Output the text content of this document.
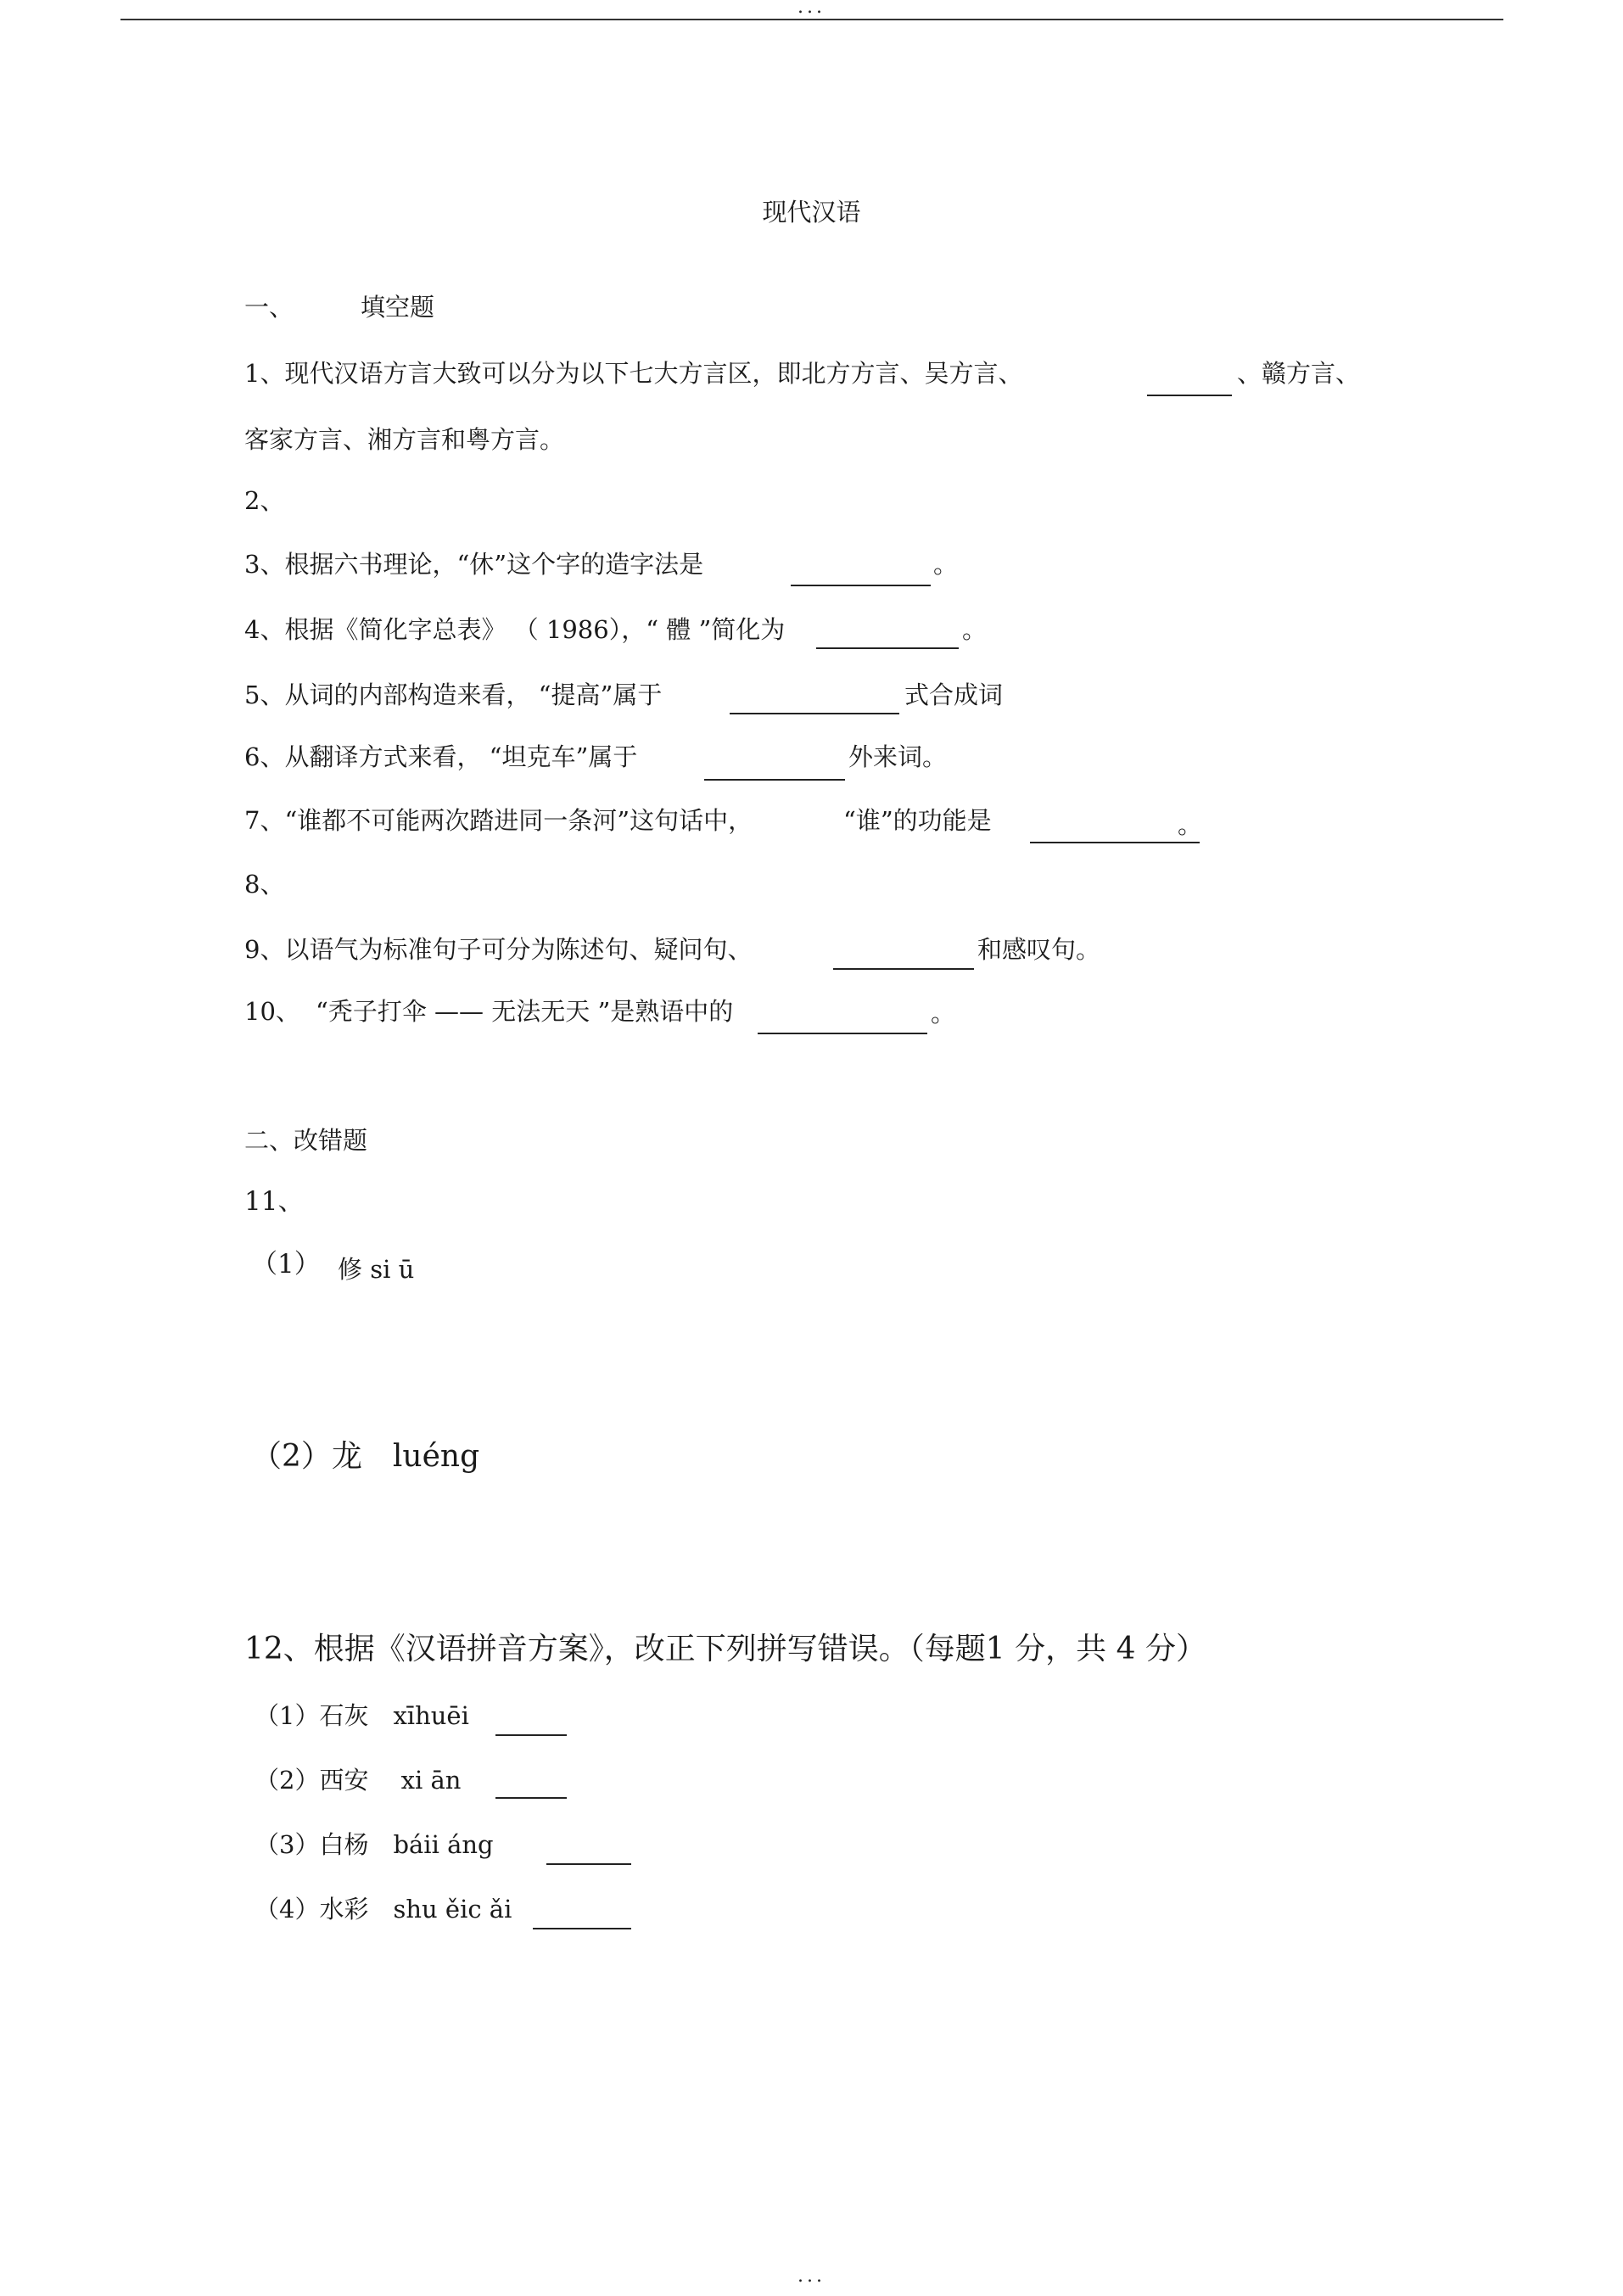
...
现代汉语
一、	填空题
1、现代汉语方言大致可以分为以下七大方言区，即北方方言、吴方言、	、赣方言、
客家方言、湘方言和粤方言。
2、
3、根据六书理论，“休”这个字的造字法是	。
4、根据《简化字总表》 （ 1986），“ 體 ”简化为	。
5、从词的内部构造来看， “提高”属于	式合成词
6、从翻译方式来看， “坦克车”属于	外来词。
7、“谁都不可能两次踏进同一条河”这句话中，	“谁”的功能是	。
8、
9、以语气为标准句子可分为陈述句、疑问句、	和感叹句。
10、 “秃子打伞 —— 无法无天 ”是熟语中的	。
二、改错题
11、
（1） 修 si ū
（2）龙　luéng
12、根据《汉语拼音方案》，改正下列拼写错误。（每题1 分，共 4 分）
（1）石灰　xīhuēi
（2）西安　 xi ān
（3）白杨　báii áng
（4）水彩　shu ěic ǎi
...
